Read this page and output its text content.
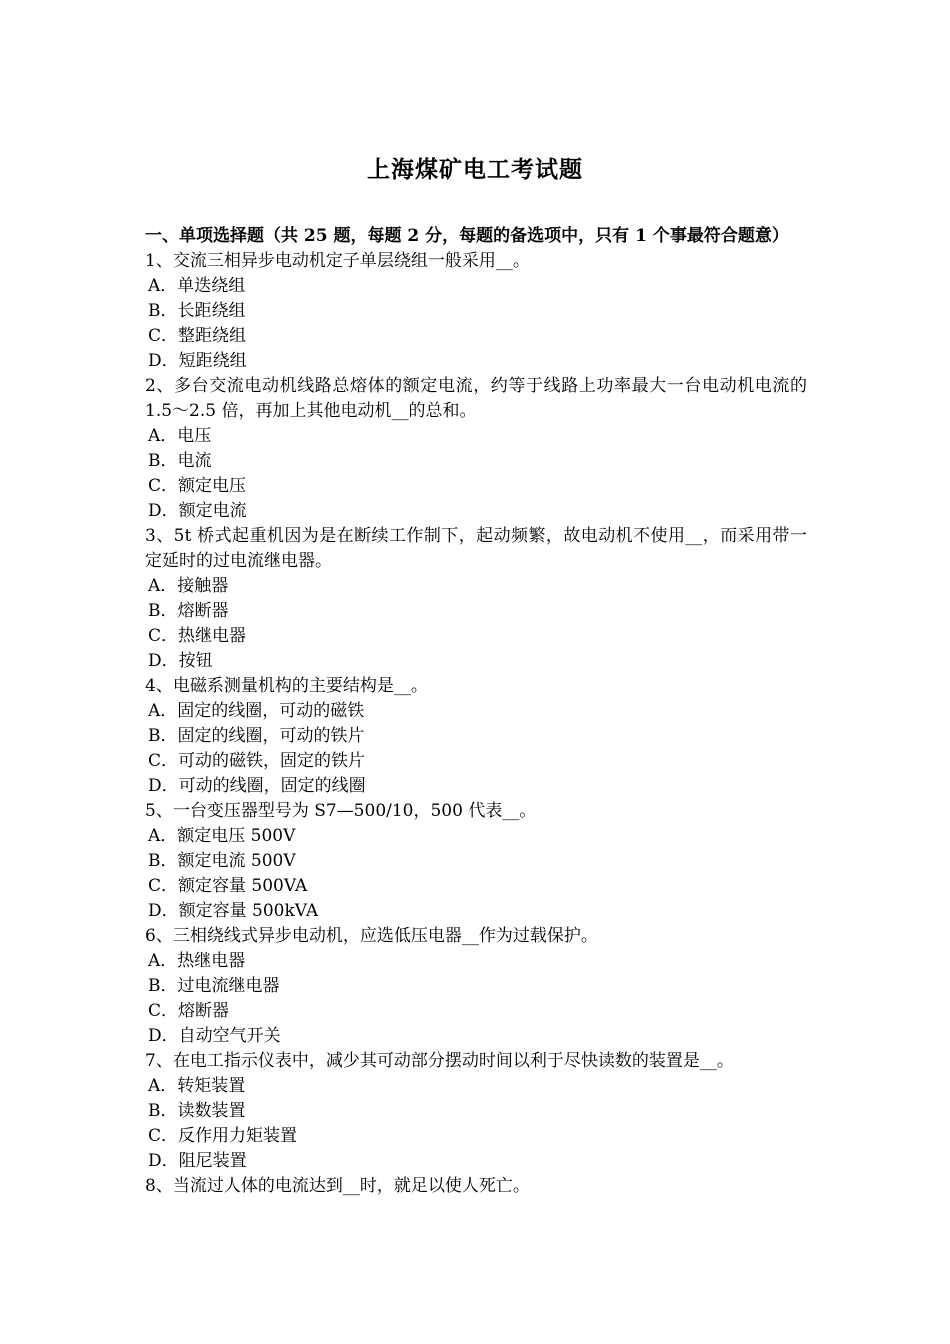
上海煤矿电工考试题
一、单项选择题（共 25 题，每题 2 分，每题的备选项中，只有 1 个事最符合题意）
1、交流三相异步电动机定子单层绕组一般采用__。
A．单迭绕组
B．长距绕组
C．整距绕组
D．短距绕组
2、多台交流电动机线路总熔体的额定电流，约等于线路上功率最大一台电动机电流的 1.5～2.5 倍，再加上其他电动机__的总和。
A．电压
B．电流
C．额定电压
D．额定电流
3、5t 桥式起重机因为是在断续工作制下，起动频繁，故电动机不使用__，而采用带一定延时的过电流继电器。
A．接触器
B．熔断器
C．热继电器
D．按钮
4、电磁系测量机构的主要结构是__。
A．固定的线圈，可动的磁铁
B．固定的线圈，可动的铁片
C．可动的磁铁，固定的铁片
D．可动的线圈，固定的线圈
5、一台变压器型号为 S7—500/10，500 代表__。
A．额定电压 500V
B．额定电流 500V
C．额定容量 500VA
D．额定容量 500kVA
6、三相绕线式异步电动机，应选低压电器__作为过载保护。
A．热继电器
B．过电流继电器
C．熔断器
D．自动空气开关
7、在电工指示仪表中，减少其可动部分摆动时间以利于尽快读数的装置是__。
A．转矩装置
B．读数装置
C．反作用力矩装置
D．阻尼装置
8、当流过人体的电流达到__时，就足以使人死亡。
